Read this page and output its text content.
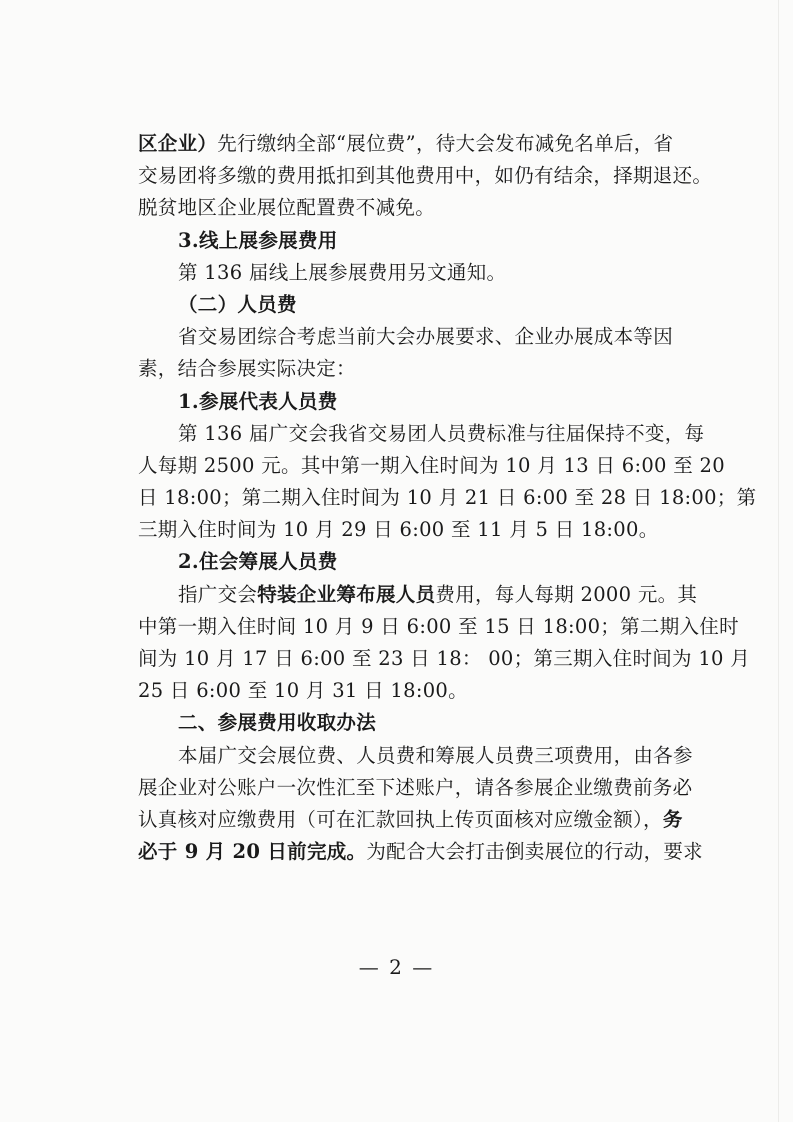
区企业）先行缴纳全部“展位费”，待大会发布减免名单后，省
交易团将多缴的费用抵扣到其他费用中，如仍有结余，择期退还。
脱贫地区企业展位配置费不减免。
3.线上展参展费用
第 136 届线上展参展费用另文通知。
（二）人员费
省交易团综合考虑当前大会办展要求、企业办展成本等因
素，结合参展实际决定：
1.参展代表人员费
第 136 届广交会我省交易团人员费标准与往届保持不变，每
人每期 2500 元。其中第一期入住时间为 10 月 13 日 6:00 至 20
日 18:00；第二期入住时间为 10 月 21 日 6:00 至 28 日 18:00；第
三期入住时间为 10 月 29 日 6:00 至 11 月 5 日 18:00。
2.住会筹展人员费
指广交会特装企业筹布展人员费用，每人每期 2000 元。其
中第一期入住时间 10 月 9 日 6:00 至 15 日 18:00；第二期入住时
间为 10 月 17 日 6:00 至 23 日 18： 00；第三期入住时间为 10 月
25 日 6:00 至 10 月 31 日 18:00。
二、参展费用收取办法
本届广交会展位费、人员费和筹展人员费三项费用，由各参
展企业对公账户一次性汇至下述账户，请各参展企业缴费前务必
认真核对应缴费用（可在汇款回执上传页面核对应缴金额），务
必于 9 月 20 日前完成。为配合大会打击倒卖展位的行动，要求
— 2 —
